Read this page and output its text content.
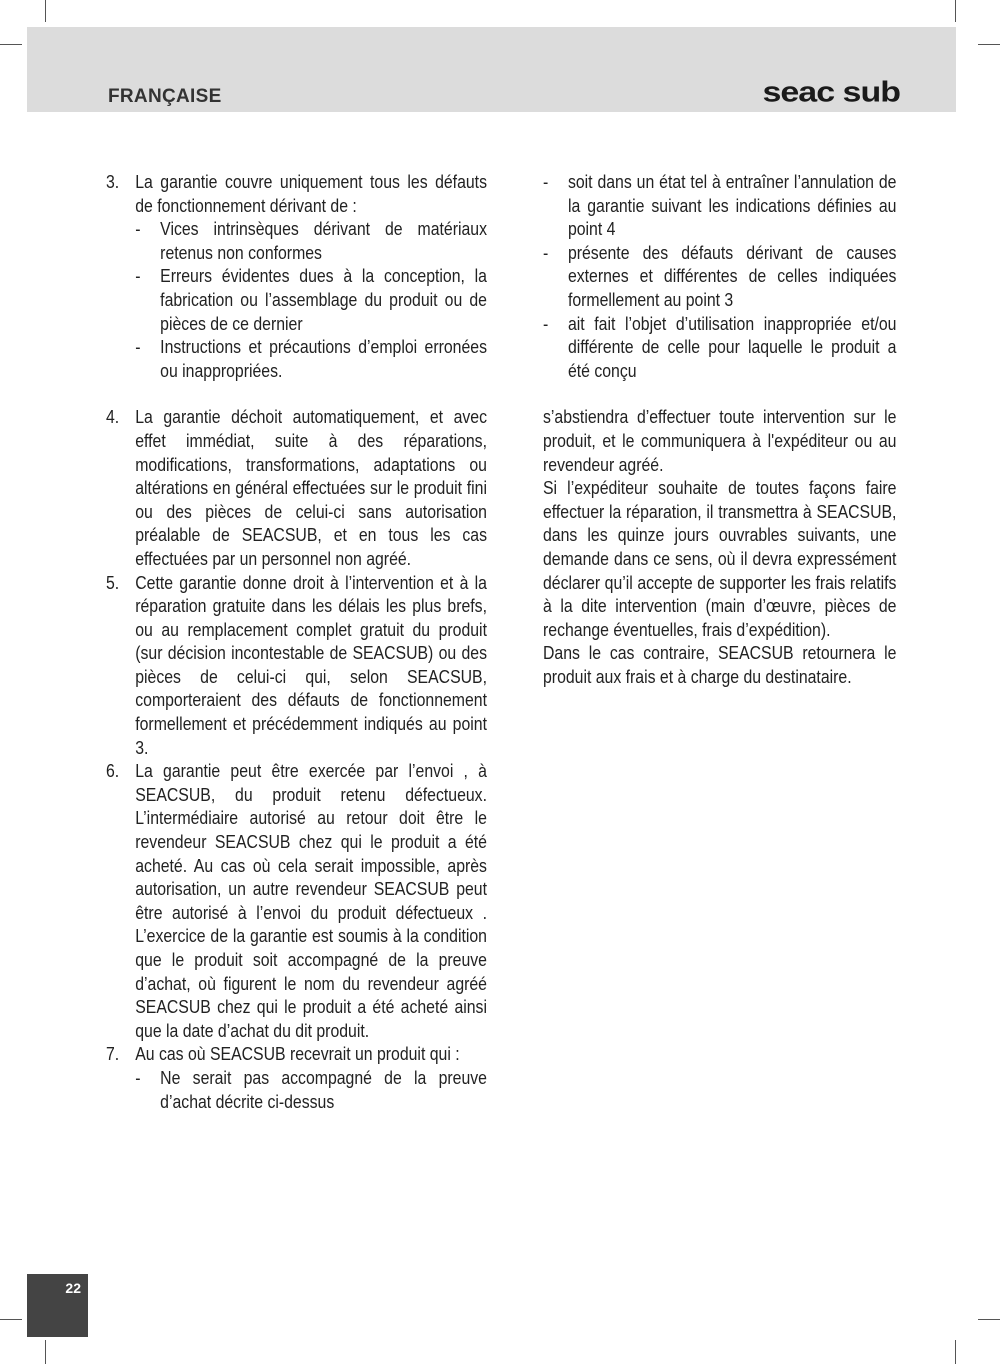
FRANÇAISE	seac sub
3. La garantie couvre uniquement tous les défauts de fonctionnement dérivant de :

- Vices intrinsèques dérivant de matériaux retenus non conformes

- Erreurs évidentes dues à la conception, la fabrication ou l’assemblage du produit ou de pièces de ce dernier

- Instructions et précautions d’emploi erronées ou inappropriées.

4. La garantie déchoit automatiquement, et avec effet immédiat, suite à des réparations, modifications, transformations, adaptations ou altérations en général effectuées sur le produit fini ou des pièces de celui-ci sans autorisation préalable de SEACSUB, et en tous les cas effectuées par un personnel non agréé.

5. Cette garantie donne droit à l’intervention et à la réparation gratuite dans les délais les plus brefs, ou au remplacement complet gratuit du produit (sur décision incontestable de SEACSUB) ou des pièces de celui-ci qui, selon SEACSUB, comporteraient des défauts de fonctionnement formellement et précédemment indiqués au point 3.

6. La garantie peut être exercée par l’envoi , à SEACSUB, du produit retenu défectueux. L’intermédiaire autorisé au retour doit être le revendeur SEACSUB chez qui le produit a été acheté. Au cas où cela serait impossible, après autorisation, un autre revendeur SEACSUB peut être autorisé à l’envoi du produit défectueux . L’exercice de la garantie est soumis à la condition que le produit soit accompagné de la preuve d’achat, où figurent le nom du revendeur agréé SEACSUB chez qui le produit a été acheté ainsi que la date d’achat du dit produit.

7. Au cas où SEACSUB recevrait un produit qui :

- Ne serait pas accompagné de la preuve d’achat décrite ci-dessus

- soit dans un état tel à entraîner l’annulation de la garantie suivant les indications définies au point 4

- présente des défauts dérivant de causes externes et différentes de celles indiquées formellement au point 3

- ait fait l’objet d’utilisation inappropriée et/ou différente de celle pour laquelle le produit a été conçu

s’abstiendra d’effectuer toute intervention sur le produit, et le communiquera à l'expéditeur ou au revendeur agréé.

Si l’expéditeur souhaite de toutes façons faire effectuer la réparation, il transmettra à SEACSUB, dans les quinze jours ouvrables suivants, une demande dans ce sens, où il devra expressément déclarer qu’il accepte de supporter les frais relatifs à la dite intervention (main d’œuvre, pièces de rechange éventuelles, frais d’expédition).

Dans le cas contraire, SEACSUB retournera le produit aux frais et à charge du destinataire.

22
